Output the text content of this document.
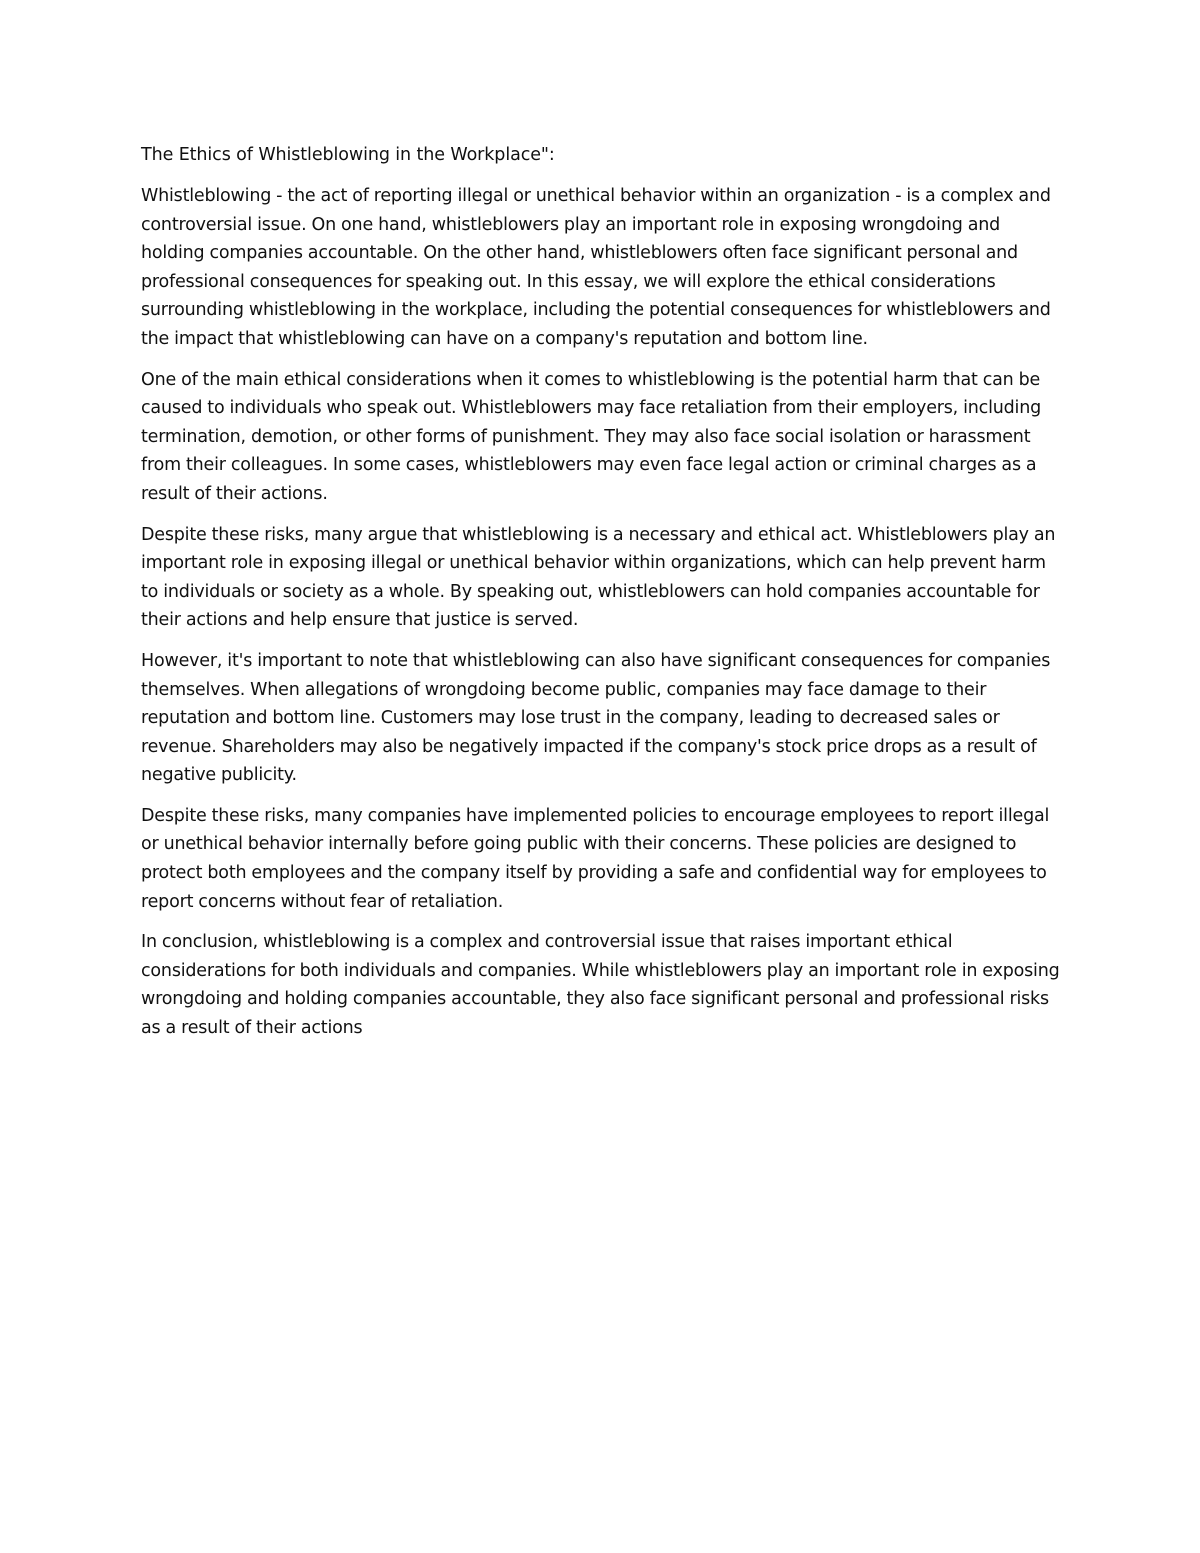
The Ethics of Whistleblowing in the Workplace":

Whistleblowing - the act of reporting illegal or unethical behavior within an organization - is a complex and controversial issue. On one hand, whistleblowers play an important role in exposing wrongdoing and holding companies accountable. On the other hand, whistleblowers often face significant personal and professional consequences for speaking out. In this essay, we will explore the ethical considerations surrounding whistleblowing in the workplace, including the potential consequences for whistleblowers and the impact that whistleblowing can have on a company's reputation and bottom line.

One of the main ethical considerations when it comes to whistleblowing is the potential harm that can be caused to individuals who speak out. Whistleblowers may face retaliation from their employers, including termination, demotion, or other forms of punishment. They may also face social isolation or harassment from their colleagues. In some cases, whistleblowers may even face legal action or criminal charges as a result of their actions.

Despite these risks, many argue that whistleblowing is a necessary and ethical act. Whistleblowers play an important role in exposing illegal or unethical behavior within organizations, which can help prevent harm to individuals or society as a whole. By speaking out, whistleblowers can hold companies accountable for their actions and help ensure that justice is served.

However, it's important to note that whistleblowing can also have significant consequences for companies themselves. When allegations of wrongdoing become public, companies may face damage to their reputation and bottom line. Customers may lose trust in the company, leading to decreased sales or revenue. Shareholders may also be negatively impacted if the company's stock price drops as a result of negative publicity.

Despite these risks, many companies have implemented policies to encourage employees to report illegal or unethical behavior internally before going public with their concerns. These policies are designed to protect both employees and the company itself by providing a safe and confidential way for employees to report concerns without fear of retaliation.

In conclusion, whistleblowing is a complex and controversial issue that raises important ethical considerations for both individuals and companies. While whistleblowers play an important role in exposing wrongdoing and holding companies accountable, they also face significant personal and professional risks as a result of their actions
